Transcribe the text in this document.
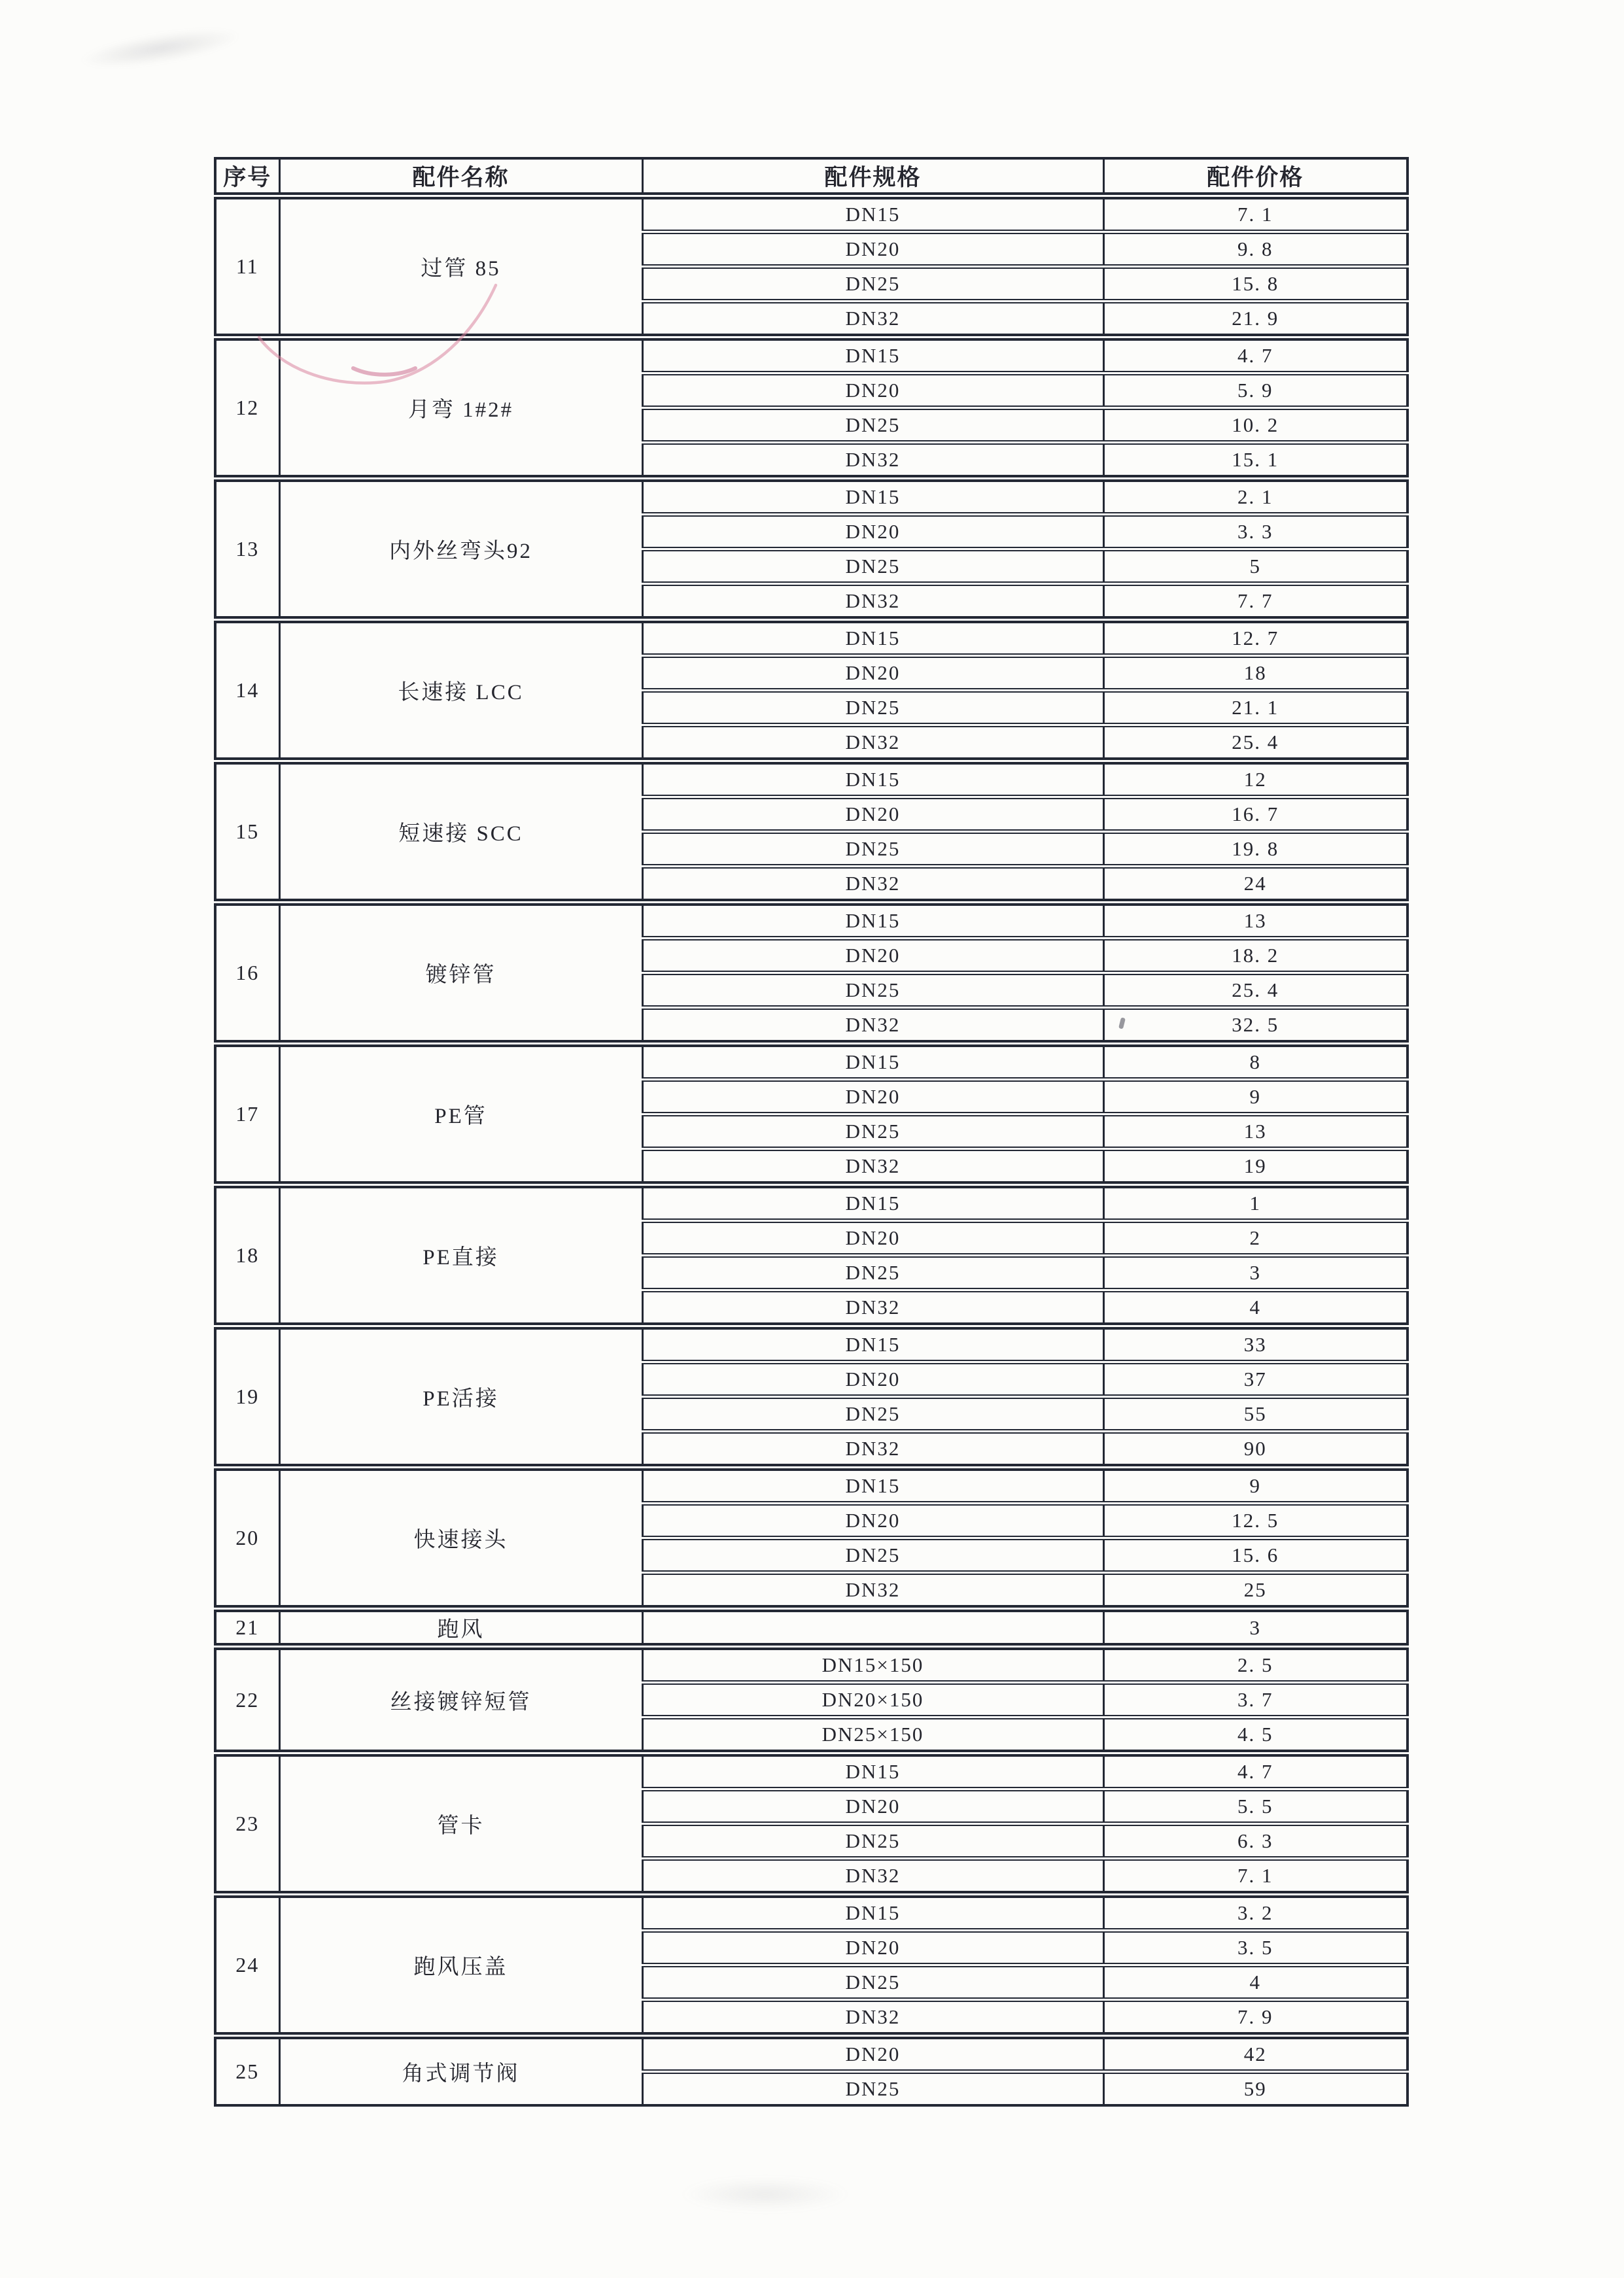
序号	配件名称	配件规格	配件价格
11	过管 85	DN15	7. 1
		DN20	9. 8
		DN25	15. 8
		DN32	21. 9
12	月弯 1#2#	DN15	4. 7
		DN20	5. 9
		DN25	10. 2
		DN32	15. 1
13	内外丝弯头92	DN15	2. 1
		DN20	3. 3
		DN25	5
		DN32	7. 7
14	长速接 LCC	DN15	12. 7
		DN20	18
		DN25	21. 1
		DN32	25. 4
15	短速接 SCC	DN15	12
		DN20	16. 7
		DN25	19. 8
		DN32	24
16	镀锌管	DN15	13
		DN20	18. 2
		DN25	25. 4
		DN32	32. 5
17	PE管	DN15	8
		DN20	9
		DN25	13
		DN32	19
18	PE直接	DN15	1
		DN20	2
		DN25	3
		DN32	4
19	PE活接	DN15	33
		DN20	37
		DN25	55
		DN32	90
20	快速接头	DN15	9
		DN20	12. 5
		DN25	15. 6
		DN32	25
21	跑风		3
22	丝接镀锌短管	DN15×150	2. 5
		DN20×150	3. 7
		DN25×150	4. 5
23	管卡	DN15	4. 7
		DN20	5. 5
		DN25	6. 3
		DN32	7. 1
24	跑风压盖	DN15	3. 2
		DN20	3. 5
		DN25	4
		DN32	7. 9
25	角式调节阀	DN20	42
		DN25	59
